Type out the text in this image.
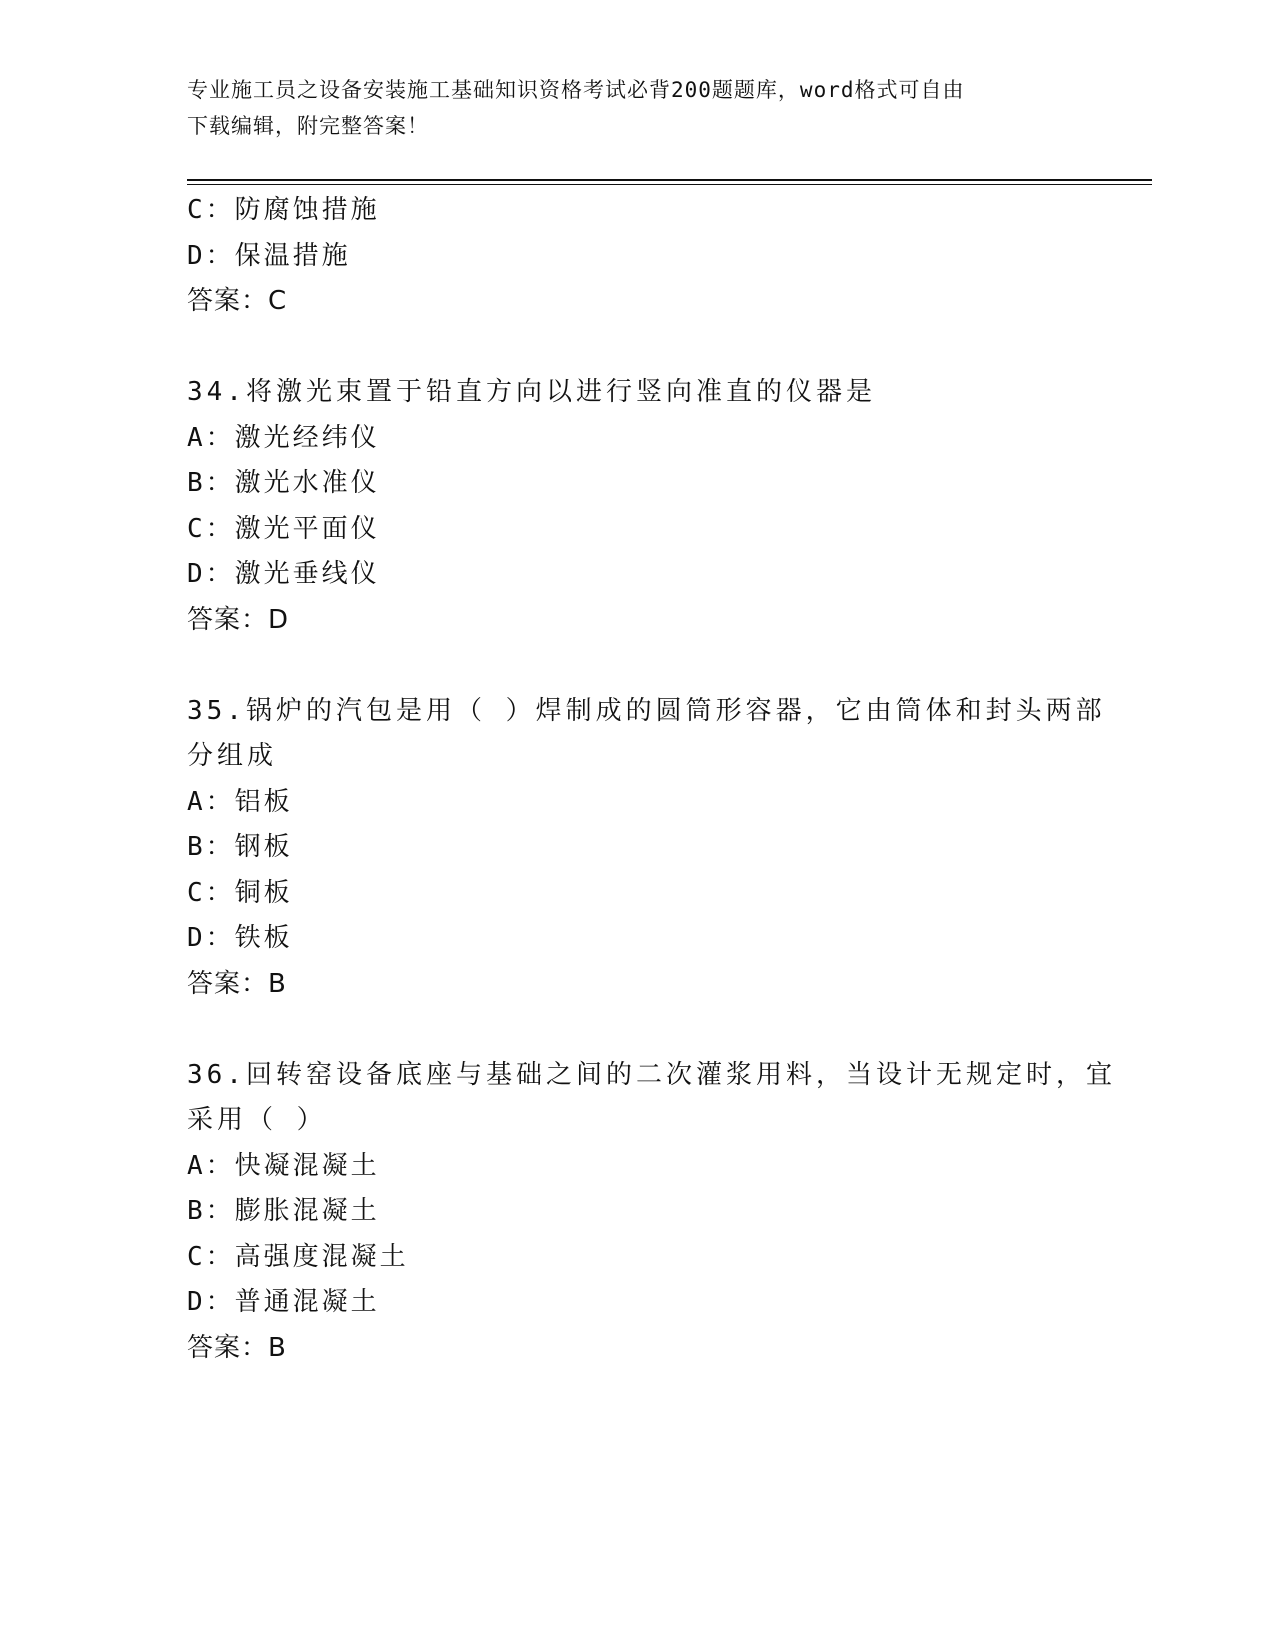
专业施工员之设备安装施工基础知识资格考试必背200题题库，word格式可自由
下载编辑，附完整答案！
C：防腐蚀措施
D：保温措施
答案：C
34.将激光束置于铅直方向以进行竖向准直的仪器是
A：激光经纬仪
B：激光水准仪
C：激光平面仪
D：激光垂线仪
答案：D
35.锅炉的汽包是用（ ）焊制成的圆筒形容器，它由筒体和封头两部
分组成
A：铝板
B：钢板
C：铜板
D：铁板
答案：B
36.回转窑设备底座与基础之间的二次灌浆用料，当设计无规定时，宜
采用（ ）
A：快凝混凝土
B：膨胀混凝土
C：高强度混凝土
D：普通混凝土
答案：B
